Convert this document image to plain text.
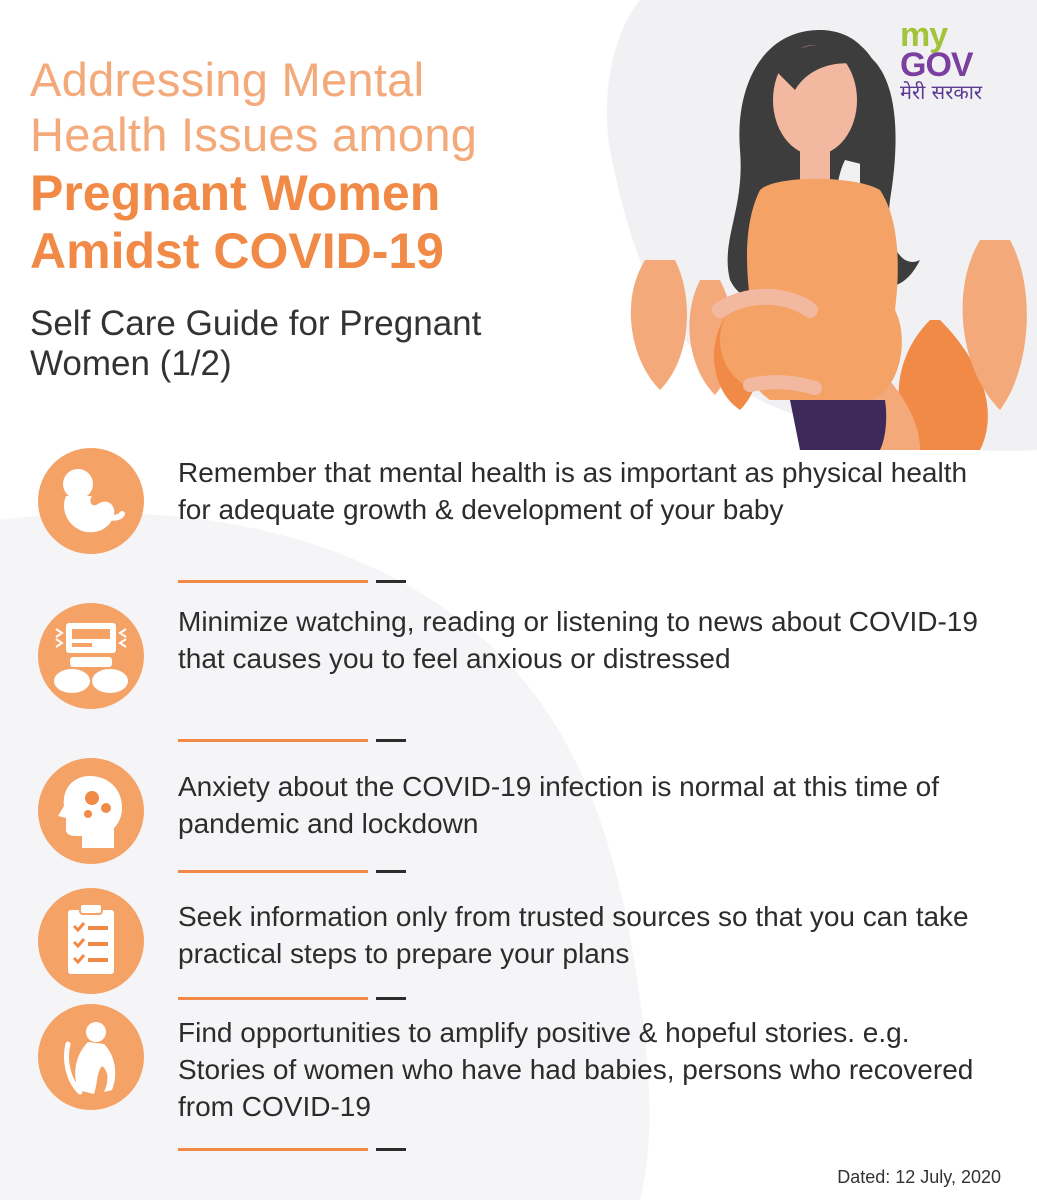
Addressing Mental

Health Issues among

Pregnant Women

Amidst COVID-19

Self Care Guide for Pregnant Women (1/2)

my
GOV
मेरी सरकार

Remember that mental health is as important as physical health for adequate growth & development of your baby

Minimize watching, reading or listening to news about COVID-19 that causes you to feel anxious or distressed

Anxiety about the COVID-19 infection is normal at this time of pandemic and lockdown

Seek information only from trusted sources so that you can take practical steps to prepare your plans

Find opportunities to amplify positive & hopeful stories. e.g. Stories of women who have had babies, persons who recovered from COVID-19

Dated: 12 July, 2020
